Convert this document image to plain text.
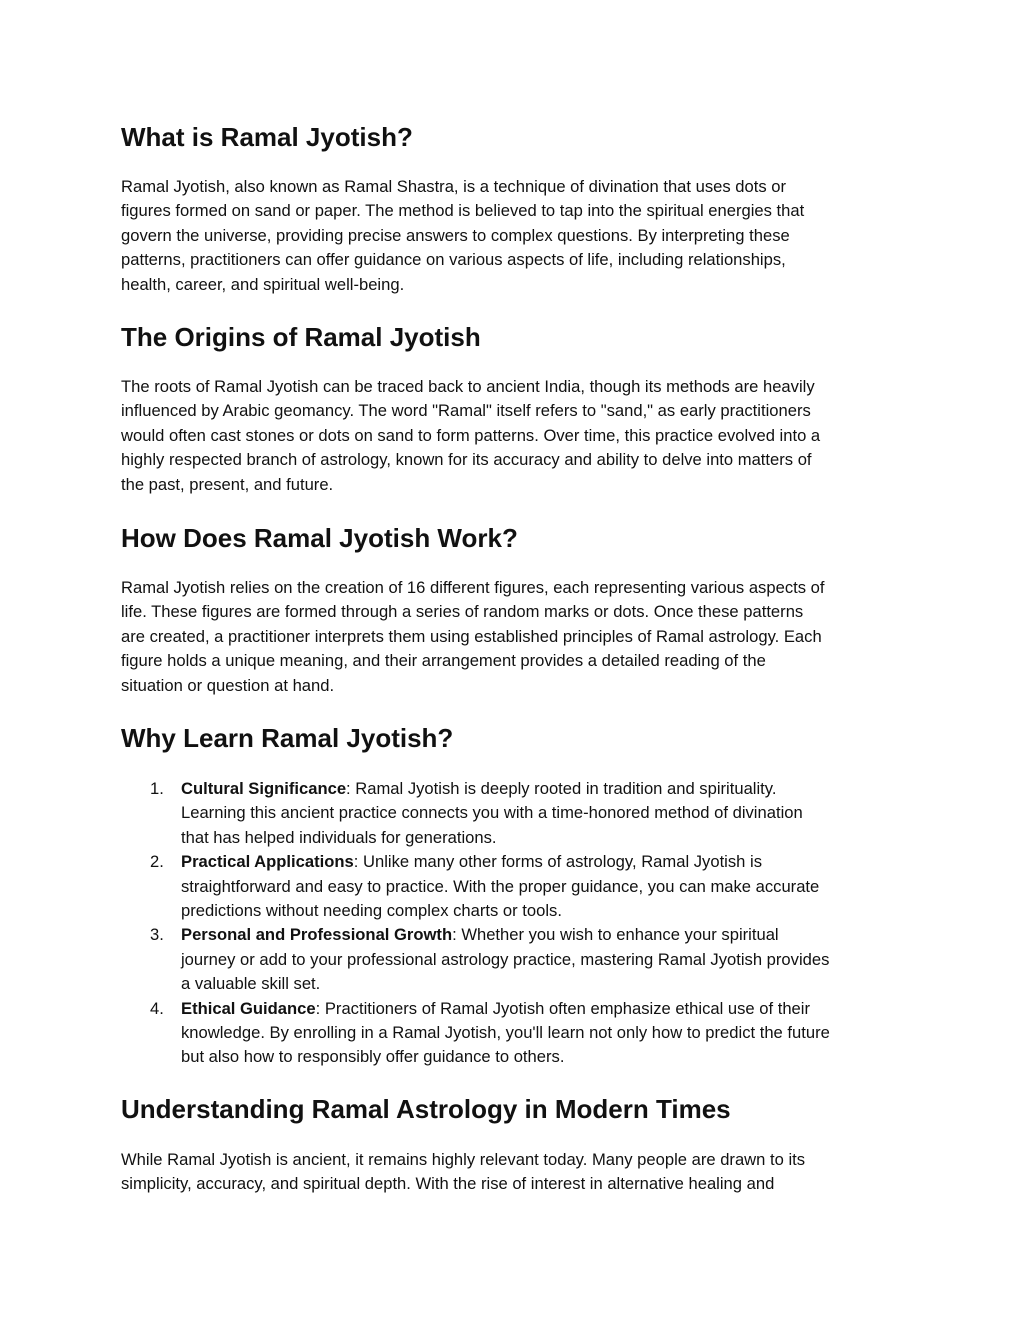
What is Ramal Jyotish?

Ramal Jyotish, also known as Ramal Shastra, is a technique of divination that uses dots or
figures formed on sand or paper. The method is believed to tap into the spiritual energies that
govern the universe, providing precise answers to complex questions. By interpreting these
patterns, practitioners can offer guidance on various aspects of life, including relationships,
health, career, and spiritual well-being.

The Origins of Ramal Jyotish

The roots of Ramal Jyotish can be traced back to ancient India, though its methods are heavily
influenced by Arabic geomancy. The word "Ramal" itself refers to "sand," as early practitioners
would often cast stones or dots on sand to form patterns. Over time, this practice evolved into a
highly respected branch of astrology, known for its accuracy and ability to delve into matters of
the past, present, and future.

How Does Ramal Jyotish Work?

Ramal Jyotish relies on the creation of 16 different figures, each representing various aspects of
life. These figures are formed through a series of random marks or dots. Once these patterns
are created, a practitioner interprets them using established principles of Ramal astrology. Each
figure holds a unique meaning, and their arrangement provides a detailed reading of the
situation or question at hand.

Why Learn Ramal Jyotish?
1. Cultural Significance: Ramal Jyotish is deeply rooted in tradition and spirituality.
Learning this ancient practice connects you with a time-honored method of divination
that has helped individuals for generations.
2. Practical Applications: Unlike many other forms of astrology, Ramal Jyotish is
straightforward and easy to practice. With the proper guidance, you can make accurate
predictions without needing complex charts or tools.
3. Personal and Professional Growth: Whether you wish to enhance your spiritual
journey or add to your professional astrology practice, mastering Ramal Jyotish provides
a valuable skill set.
4. Ethical Guidance: Practitioners of Ramal Jyotish often emphasize ethical use of their
knowledge. By enrolling in a Ramal Jyotish, you'll learn not only how to predict the future
but also how to responsibly offer guidance to others.
Understanding Ramal Astrology in Modern Times

While Ramal Jyotish is ancient, it remains highly relevant today. Many people are drawn to its
simplicity, accuracy, and spiritual depth. With the rise of interest in alternative healing and
